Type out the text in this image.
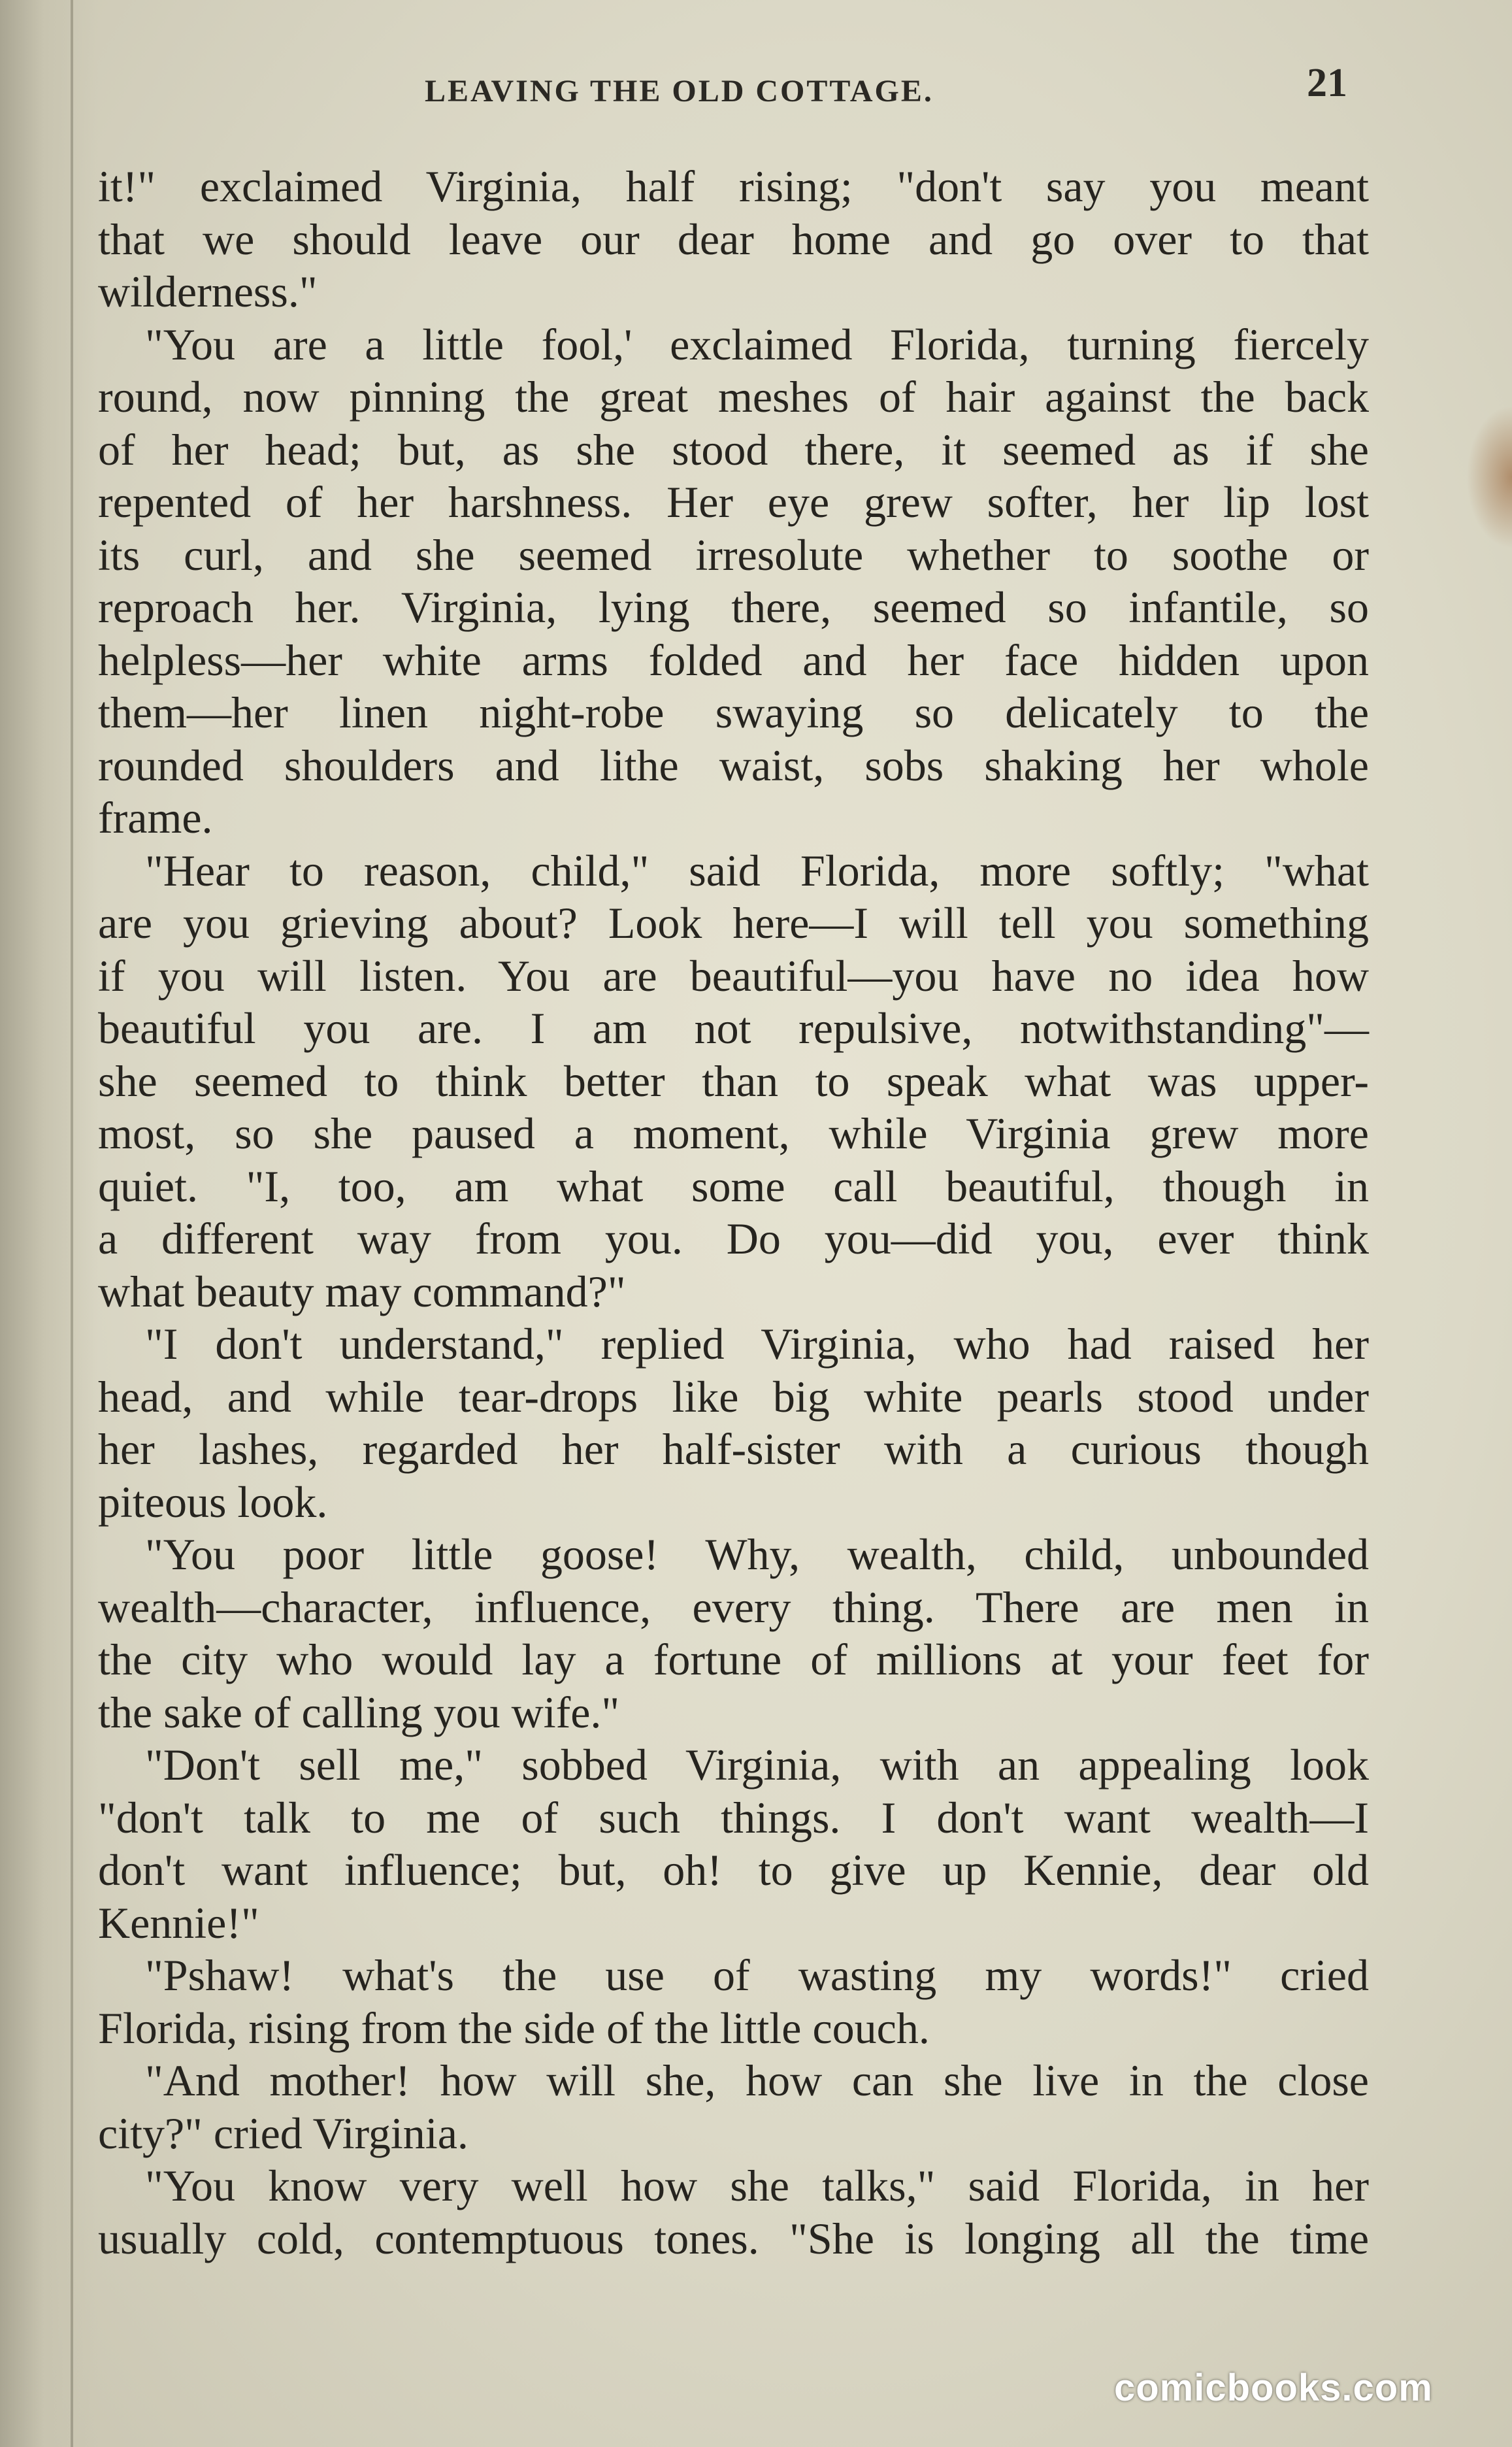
LEAVING THE OLD COTTAGE.	21
it!" exclaimed Virginia, half rising; "don't say you meant
that we should leave our dear home and go over to that
wilderness."
"You are a little fool,' exclaimed Florida, turning fiercely
round, now pinning the great meshes of hair against the back
of her head; but, as she stood there, it seemed as if she
repented of her harshness. Her eye grew softer, her lip lost
its curl, and she seemed irresolute whether to soothe or
reproach her. Virginia, lying there, seemed so infantile, so
helpless—her white arms folded and her face hidden upon
them—her linen night-robe swaying so delicately to the
rounded shoulders and lithe waist, sobs shaking her whole
frame.
"Hear to reason, child," said Florida, more softly; "what
are you grieving about? Look here—I will tell you something
if you will listen. You are beautiful—you have no idea how
beautiful you are. I am not repulsive, notwithstanding"—
she seemed to think better than to speak what was upper-
most, so she paused a moment, while Virginia grew more
quiet. "I, too, am what some call beautiful, though in
a different way from you. Do you—did you, ever think
what beauty may command?"
"I don't understand," replied Virginia, who had raised her
head, and while tear-drops like big white pearls stood under
her lashes, regarded her half-sister with a curious though
piteous look.
"You poor little goose! Why, wealth, child, unbounded
wealth—character, influence, every thing. There are men in
the city who would lay a fortune of millions at your feet for
the sake of calling you wife."
"Don't sell me," sobbed Virginia, with an appealing look
"don't talk to me of such things. I don't want wealth—I
don't want influence; but, oh! to give up Kennie, dear old
Kennie!"
"Pshaw! what's the use of wasting my words!" cried
Florida, rising from the side of the little couch.
"And mother! how will she, how can she live in the close
city?" cried Virginia.
"You know very well how she talks," said Florida, in her
usually cold, contemptuous tones. "She is longing all the time
comicbooks.com
